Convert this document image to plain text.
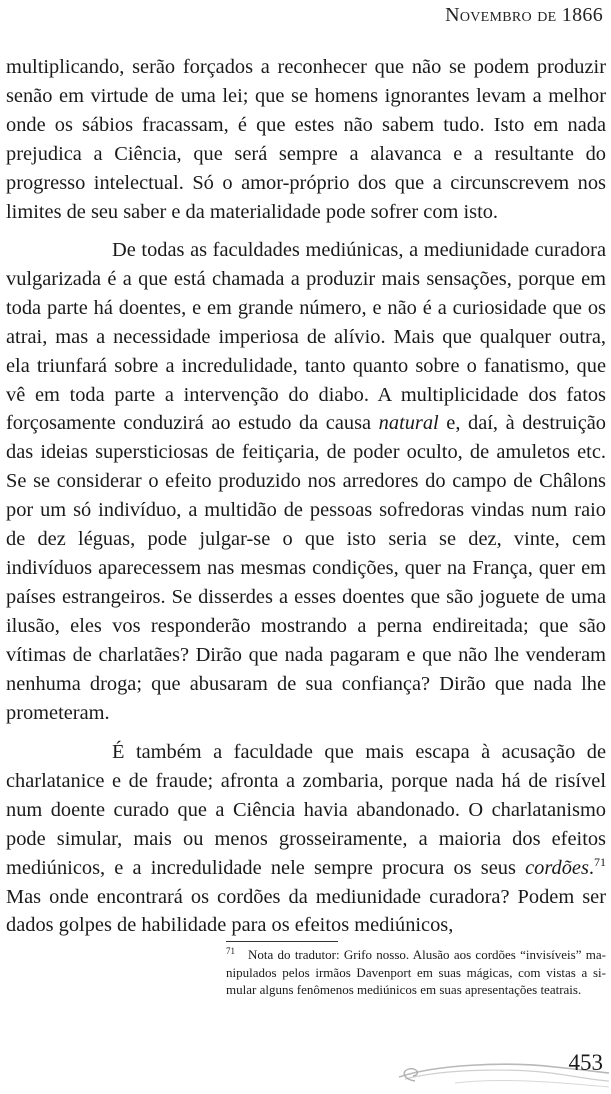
Novembro de 1866

multiplicando, serão forçados a reconhecer que não se podem produzir senão em virtude de uma lei; que se homens ignorantes levam a melhor onde os sábios fracassam, é que estes não sabem tudo. Isto em nada prejudica a Ciência, que será sempre a alavanca e a resultante do progresso intelectual. Só o amor-próprio dos que a circunscrevem nos limites de seu saber e da materialidade pode sofrer com isto.

De todas as faculdades mediúnicas, a mediunidade curadora vulgarizada é a que está chamada a produzir mais sensações, porque em toda parte há doentes, e em grande número, e não é a curiosidade que os atrai, mas a necessidade imperiosa de alívio. Mais que qualquer outra, ela triunfará sobre a incredulidade, tanto quanto sobre o fanatismo, que vê em toda parte a intervenção do diabo. A multiplicidade dos fatos forçosamente conduzirá ao estudo da causa natural e, daí, à destruição das ideias supersticiosas de feitiçaria, de poder oculto, de amuletos etc. Se se considerar o efeito produzido nos arredores do campo de Châlons por um só indivíduo, a multidão de pessoas sofredoras vindas num raio de dez léguas, pode julgar-se o que isto seria se dez, vinte, cem indivíduos aparecessem nas mesmas condições, quer na França, quer em países estrangeiros. Se disserdes a esses doentes que são joguete de uma ilusão, eles vos responderão mostrando a perna endireitada; que são vítimas de charlatães? Dirão que nada pagaram e que não lhe venderam nenhuma droga; que abusaram de sua confiança? Dirão que nada lhe prometeram.

É também a faculdade que mais escapa à acusação de charlatanice e de fraude; afronta a zombaria, porque nada há de risível num doente curado que a Ciência havia abandonado. O charlatanismo pode simular, mais ou menos grosseiramente, a maioria dos efeitos mediúnicos, e a incredulidade nele sempre procura os seus cordões.$^{71}$ Mas onde encontrará os cordões da mediunidade curadora? Podem ser dados golpes de habilidade para os efeitos mediúnicos,

71 Nota do tradutor: Grifo nosso. Alusão aos cordões “invisíveis” manipulados pelos irmãos Davenport em suas mágicas, com vistas a simular alguns fenômenos mediúnicos em suas apresentações teatrais.
453
